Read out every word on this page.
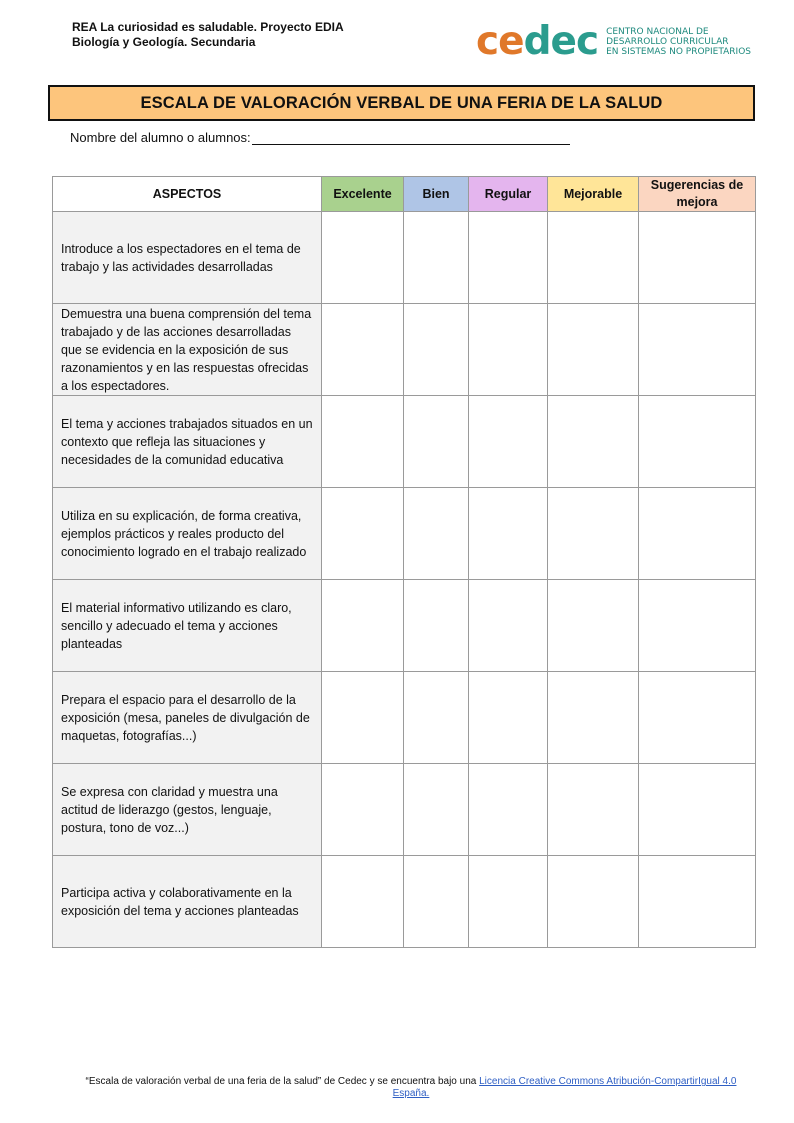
REA La curiosidad es saludable. Proyecto EDIA
Biología y Geología. Secundaria	cedec CENTRO NACIONAL DE
DESARROLLO CURRICULAR
EN SISTEMAS NO PROPIETARIOS
ESCALA DE VALORACIÓN VERBAL DE UNA FERIA DE LA SALUD
Nombre del alumno o alumnos:
ASPECTOS	Excelente	Bien	Regular	Mejorable	Sugerencias de mejora
Introduce a los espectadores en el tema de trabajo y las actividades desarrolladas					
Demuestra una buena comprensión del tema trabajado y de las acciones desarrolladas que se evidencia en la exposición de sus razonamientos y en las respuestas ofrecidas a los espectadores.					
El tema y acciones trabajados situados en un contexto que refleja las situaciones y necesidades de la comunidad educativa					
Utiliza en su explicación, de forma creativa, ejemplos prácticos y reales producto del conocimiento logrado en el trabajo realizado					
El material informativo utilizando es claro, sencillo y adecuado el tema y acciones planteadas					
Prepara el espacio para el desarrollo de la exposición (mesa, paneles de divulgación de maquetas, fotografías...)					
Se expresa con claridad y muestra una actitud de liderazgo (gestos, lenguaje, postura, tono de voz...)					
Participa activa y colaborativamente en la exposición del tema y acciones planteadas					
“Escala de valoración verbal de una feria de la salud” de Cedec y se encuentra bajo una Licencia Creative Commons Atribución-CompartirIgual 4.0 España.
